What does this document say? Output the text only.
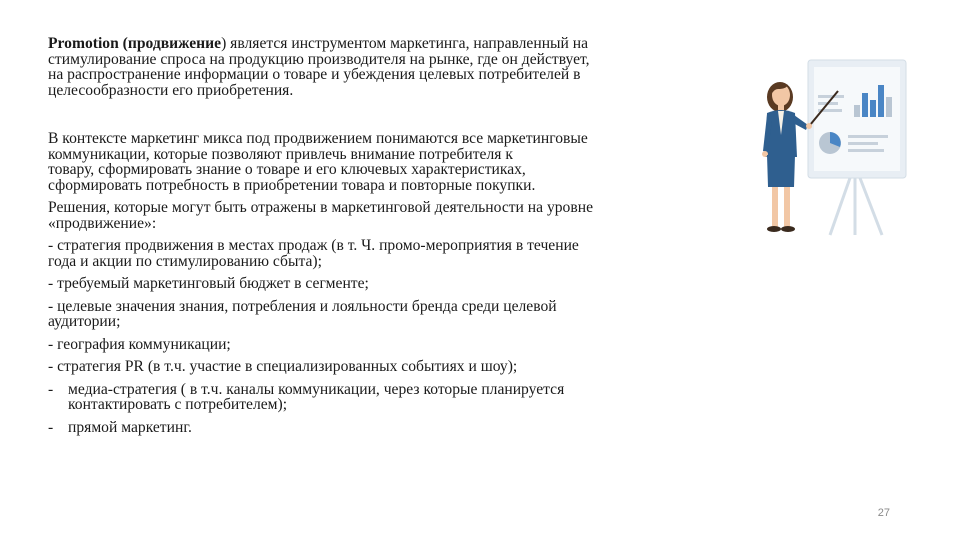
Promotion (продвижение) является инструментом маркетинга, направленный на
стимулирование спроса на продукцию производителя на рынке, где он действует,
на распространение информации о товаре и убеждения целевых потребителей в
целесообразности его приобретения.

В контексте маркетинг микса под продвижением понимаются все маркетинговые
коммуникации, которые позволяют привлечь внимание потребителя к
товару, сформировать знание о товаре и его ключевых характеристиках,
сформировать потребность в приобретении товара и повторные покупки.

Решения, которые могут быть отражены в маркетинговой деятельности на уровне
«продвижение»:

- стратегия продвижения в местах продаж (в т. Ч. промо-мероприятия в течение
года и акции по стимулированию сбыта);

- требуемый маркетинговый бюджет в сегменте;

- целевые значения знания, потребления и лояльности бренда среди целевой
аудитории;

- география коммуникации;

- стратегия PR (в т.ч. участие в специализированных событиях и шоу);

- медиа-стратегия ( в т.ч. каналы коммуникации, через которые планируется
контактировать с потребителем);
- прямой маркетинг.
27
